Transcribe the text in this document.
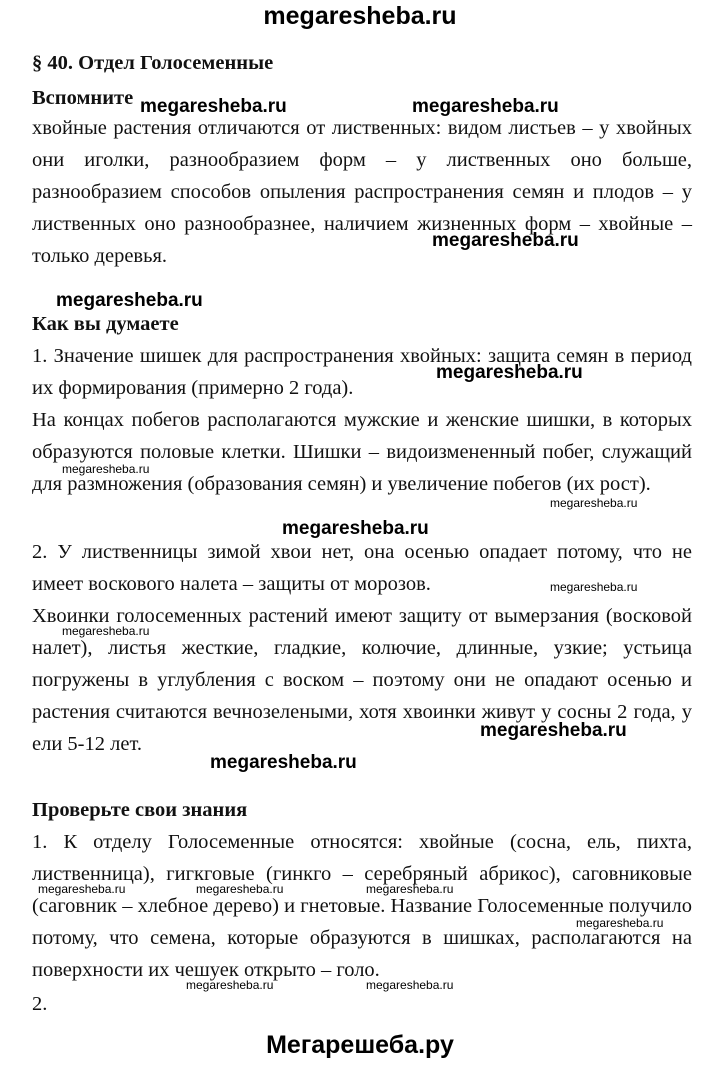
megaresheba.ru
§ 40. Отдел Голосеменные
Вспомните

хвойные растения отличаются от лиственных: видом листьев – у хвойных они иголки, разнообразием форм – у лиственных оно больше, разнообразием способов опыления распространения семян и плодов – у лиственных оно разнообразнее, наличием жизненных форм – хвойные – только деревья.

Как вы думаете

1. Значение шишек для распространения хвойных: защита семян в период их формирования (примерно 2 года).

На концах побегов располагаются мужские и женские шишки, в которых образуются половые клетки. Шишки – видоизмененный побег, служащий для размножения (образования семян) и увеличение побегов (их рост).

2. У лиственницы зимой хвои нет, она осенью опадает потому, что не имеет воскового налета – защиты от морозов.

Хвоинки голосеменных растений имеют защиту от вымерзания (восковой налет), листья жесткие, гладкие, колючие, длинные, узкие; устьица погружены в углубления с воском – поэтому они не опадают осенью и растения считаются вечнозелеными, хотя хвоинки живут у сосны 2 года, у ели 5-12 лет.

Проверьте свои знания

1. К отделу Голосеменные относятся: хвойные (сосна, ель, пихта, лиственница), гигкговые (гинкго – серебряный абрикос), саговниковые (саговник – хлебное дерево) и гнетовые. Название Голосеменные получило потому, что семена, которые образуются в шишках, располагаются на поверхности их чешуек открыто – голо.

2.

megaresheba.ru	megaresheba.ru
megaresheba.ru
megaresheba.ru
megaresheba.ru
megaresheba.ru
megaresheba.ru
megaresheba.ru
megaresheba.ru
megaresheba.ru
megaresheba.ru
megaresheba.ru
megaresheba.ru	megaresheba.ru	megaresheba.ru
megaresheba.ru
megaresheba.ru	megaresheba.ru
Мегарешеба.ру
